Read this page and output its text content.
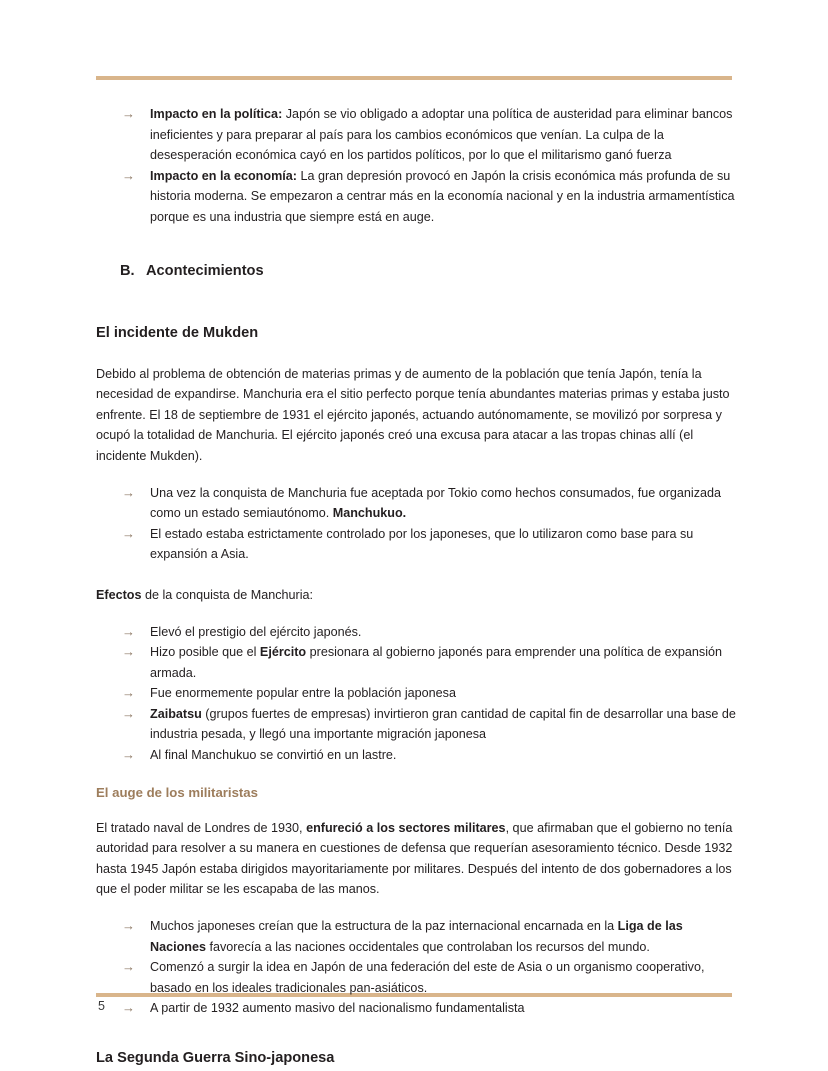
5
→	Impacto en la política: Japón se vio obligado a adoptar una política de austeridad para eliminar bancos ineficientes y para preparar al país para los cambios económicos que venían. La culpa de la desesperación económica cayó en los partidos políticos, por lo que el militarismo ganó fuerza
→	Impacto en la economía: La gran depresión provocó en Japón la crisis económica más profunda de su historia moderna. Se empezaron a centrar más en la economía nacional y en la industria armamentística porque es una industria que siempre está en auge.
B. Acontecimientos
El incidente de Mukden

Debido al problema de obtención de materias primas y de aumento de la población que tenía Japón, tenía la necesidad de expandirse. Manchuria era el sitio perfecto porque tenía abundantes materias primas y estaba justo enfrente. El 18 de septiembre de 1931 el ejército japonés, actuando autónomamente, se movilizó por sorpresa y ocupó la totalidad de Manchuria. El ejército japonés creó una excusa para atacar a las tropas chinas allí (el incidente Mukden).

→	Una vez la conquista de Manchuria fue aceptada por Tokio como hechos consumados, fue organizada como un estado semiautónomo. Manchukuo.
→	El estado estaba estrictamente controlado por los japoneses, que lo utilizaron como base para su expansión a Asia.

Efectos de la conquista de Manchuria:

→	Elevó el prestigio del ejército japonés.
→	Hizo posible que el Ejército presionara al gobierno japonés para emprender una política de expansión armada.
→	Fue enormemente popular entre la población japonesa
→	Zaibatsu (grupos fuertes de empresas) invirtieron gran cantidad de capital fin de desarrollar una base de industria pesada, y llegó una importante migración japonesa
→	Al final Manchukuo se convirtió en un lastre.
El auge de los militaristas

El tratado naval de Londres de 1930, enfureció a los sectores militares, que afirmaban que el gobierno no tenía autoridad para resolver a su manera en cuestiones de defensa que requerían asesoramiento técnico. Desde 1932 hasta 1945 Japón estaba dirigidos mayoritariamente por militares. Después del intento de dos gobernadores a los que el poder militar se les escapaba de las manos.

→	Muchos japoneses creían que la estructura de la paz internacional encarnada en la Liga de las Naciones favorecía a las naciones occidentales que controlaban los recursos del mundo.
→	Comenzó a surgir la idea en Japón de una federación del este de Asia o un organismo cooperativo, basado en los ideales tradicionales pan-asiáticos.
→	A partir de 1932 aumento masivo del nacionalismo fundamentalista
La Segunda Guerra Sino-japonesa
